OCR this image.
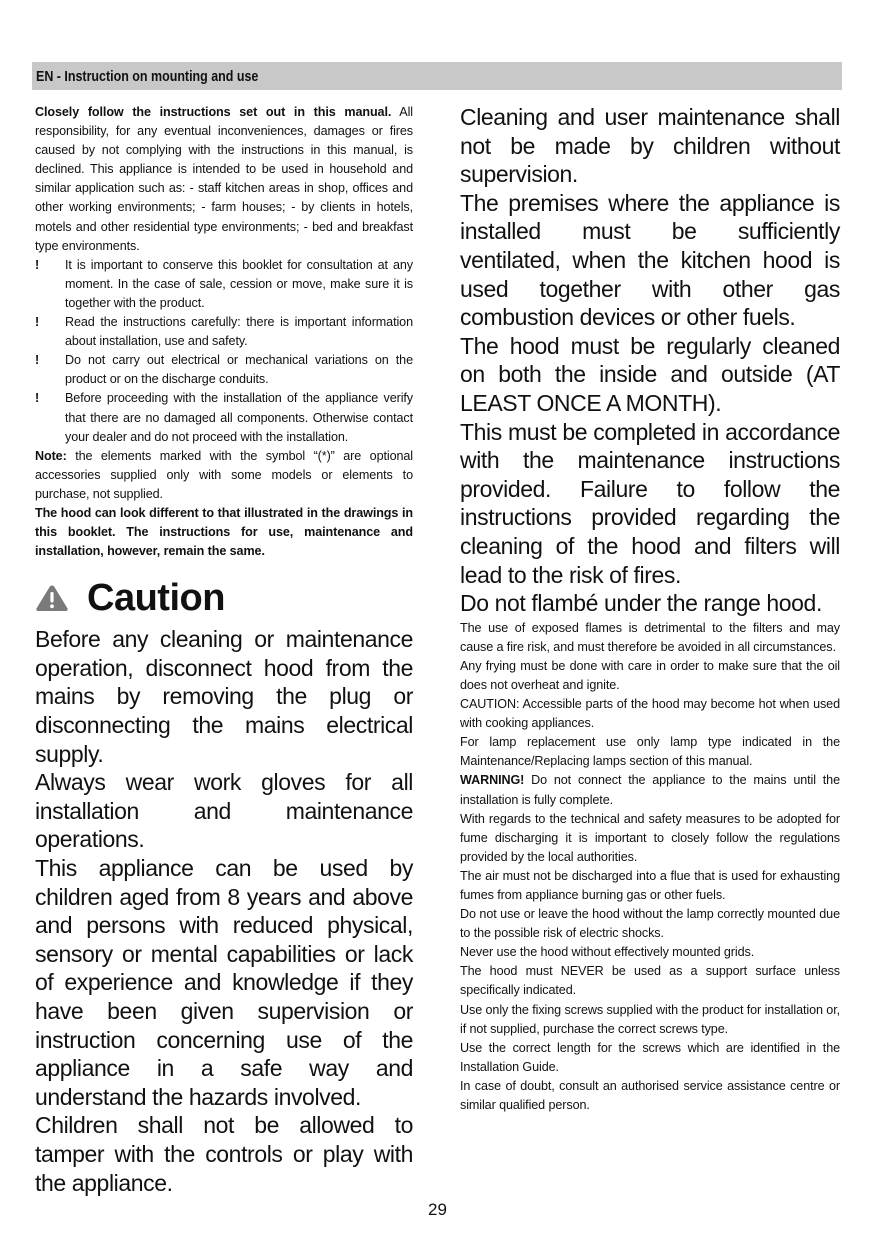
EN - Instruction on mounting and use

Closely follow the instructions set out in this manual. All responsibility, for any eventual inconveniences, damages or fires caused by not complying with the instructions in this manual, is declined. This appliance is intended to be used in household and similar application such as: - staff kitchen areas in shop, offices and other working environments; - farm houses; - by clients in hotels, motels and other residential type environments; - bed and breakfast type environments.

!	It is important to conserve this booklet for consultation at any moment. In the case of sale, cession or move, make sure it is together with the product.
!	Read the instructions carefully: there is important information about installation, use and safety.
!	Do not carry out electrical or mechanical variations on the product or on the discharge conduits.
!	Before proceeding with the installation of the appliance verify that there are no damaged all components. Otherwise contact your dealer and do not proceed with the installation.

Note: the elements marked with the symbol “(*)” are optional accessories supplied only with some models or elements to purchase, not supplied.

The hood can look different to that illustrated in the drawings in this booklet. The instructions for use, maintenance and installation, however, remain the same.

Caution

Before any cleaning or maintenance operation, disconnect hood from the mains by removing the plug or disconnecting the mains electrical supply.

Always wear work gloves for all installation and maintenance operations.

This appliance can be used by children aged from 8 years and above and persons with reduced physical, sensory or mental capabilities or lack of experience and knowledge if they have been given supervision or instruction concerning use of the appliance in a safe way and understand the hazards involved.

Children shall not be allowed to tamper with the controls or play with the appliance.

Cleaning and user maintenance shall not be made by children without supervision.

The premises where the appliance is installed must be sufficiently ventilated, when the kitchen hood is used together with other gas combustion devices or other fuels.

The hood must be regularly cleaned on both the inside and outside (AT LEAST ONCE A MONTH).

This must be completed in accordance with the maintenance instructions provided. Failure to follow the instructions provided regarding the cleaning of the hood and filters will lead to the risk of fires.

Do not flambé under the range hood.

The use of exposed flames is detrimental to the filters and may cause a fire risk, and must therefore be avoided in all circumstances.

Any frying must be done with care in order to make sure that the oil does not overheat and ignite.

CAUTION: Accessible parts of the hood may become hot when used with cooking appliances.

For lamp replacement use only lamp type indicated in the Maintenance/Replacing lamps section of this manual.

WARNING! Do not connect the appliance to the mains until the installation is fully complete.

With regards to the technical and safety measures to be adopted for fume discharging it is important to closely follow the regulations provided by the local authorities.

The air must not be discharged into a flue that is used for exhausting fumes from appliance burning gas or other fuels.

Do not use or leave the hood without the lamp correctly mounted due to the possible risk of electric shocks.

Never use the hood without effectively mounted grids.

The hood must NEVER be used as a support surface unless specifically indicated.

Use only the fixing screws supplied with the product for installation or, if not supplied, purchase the correct screws type.

Use the correct length for the screws which are identified in the Installation Guide.

In case of doubt, consult an authorised service assistance centre or similar qualified person.

29
